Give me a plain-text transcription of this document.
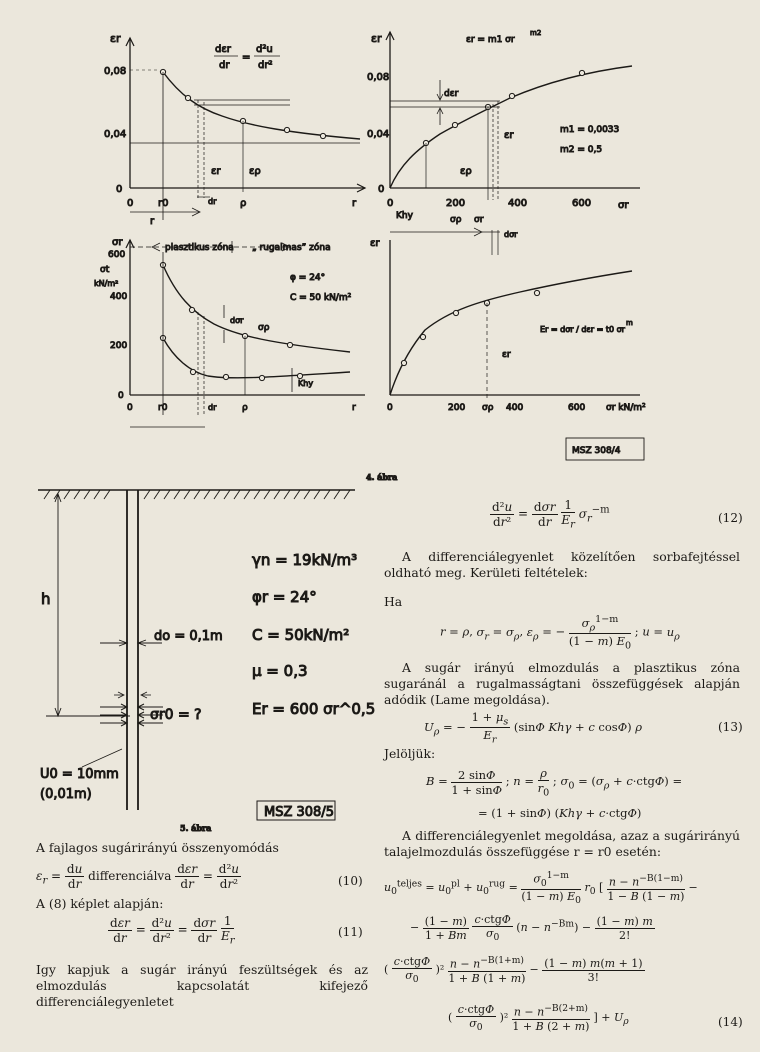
εr
0,08
0,04
0
0 r0	ρ	r
r
dr
dεr
dr
=
d²u
dr²
εr	ερ
εr	εr = m1 σr
m2
0,08
0,04
0
0	200	400	600	σr
m1 = 0,0033
m2 = 0,5
dεr
εr
ερ
σr
600
400
200
0
σt
kN/m²
plasztikus zóna „ rugalmas” zóna
φ = 24°
C = 50 kN/m²
dσr
σρ
Khy
0	r0	dr	ρ	r
εr
Khy	σρ σr
dσr
Er = dσr / dεr = t0 σr
m
εr
0	200 σρ 400	600 σr kN/m²
MSZ 308/4
4. ábra
h
do = 0,1m
σr0 = ?
U0 = 10mm
(0,01m)
γn = 19kN/m³
φr = 24°
C = 50kN/m²
μ = 0,3
Er = 600 σr^0,5
MSZ 308/5
5. ábra
A fajlagos sugárirányú összenyomódás
$\varepsilon_r = \frac{du}{dr}$ differenciálva dεr
dr
= $\frac{\text{d²u}}{\text{dr²}}$	(10)
A (8) képlet alapján:
dεr
dr
= $\frac{\text{d²u}}{\text{dr²}} = d\sigma r$
dr
$\frac{1}{E_r}$	(11)
Igy kapjuk a sugár irányú feszültségek és az elmozdulás kapcsolatát kifejező differenciálegyenletet
$\frac{\text{d²u}}{\text{dr²}} = d\sigma r$
dr
$\frac{1}{E_r} \sigma_r^{-m}$
(12)
A differenciálegyenlet közelítően sorbafejtéssel oldható meg. Kerületi feltételek:
Ha
r = ρ, $\sigma_r = \sigma_\rho$, $\varepsilon_\rho$ = − $\frac{\sigma_\rho^{1-m}}{(1 - m) E_0}$ ; $u = u_\rho$
A sugár irányú elmozdulás a plasztikus zóna sugaránál a rugalmasságtani összefüggések alapján adódik (Lame megoldása).
$U_\rho$ = − $\frac{1 + \mu_s}{E_r} (\sin\Phi$ Khγ + c cosΦ) ρ	(13)
Jelöljük:
$B = \frac{2 \sin\Phi}{1 + \sin\Phi}$ ; $n = \frac{\rho}{r_0}$ ; $\sigma_0 = (\sigma_\rho + c\cdot ctg\Phi)$ =
= (1 + sinΦ) (Khγ + c·ctgΦ)
A differenciálegyenlet megoldása, azaz a sugárirányú talajelmozdulás összefüggése r = r0 esetén:
$u_0^{teljes} = u_0^{pl} + u_0^{rug} = \frac{\sigma_0^{1-m}}{(1 - m) E_0} r_0$ [ $\frac{n - n^{-B(1-m)}}{1 - B (1 - m)}$ −
− $\frac{(1 - m)}{1 + Bm}$
c·ctgΦ
$\sigma_0$
$(n - n^{-Bm}) - \frac{(1 - m) m}{2!}$
(
c·ctgΦ
$\sigma_0$
)$^2 \frac{n - n^{-B(1+m)}}{1 + B (1 + m)} - \frac{(1 - m) m(m + 1)}{3!}$
(
c·ctgΦ
$\sigma_0$
)$^2 \frac{n - n^{-B(2+m)}}{1 + B (2 + m)}$ ] + $U_\rho$	(14)
